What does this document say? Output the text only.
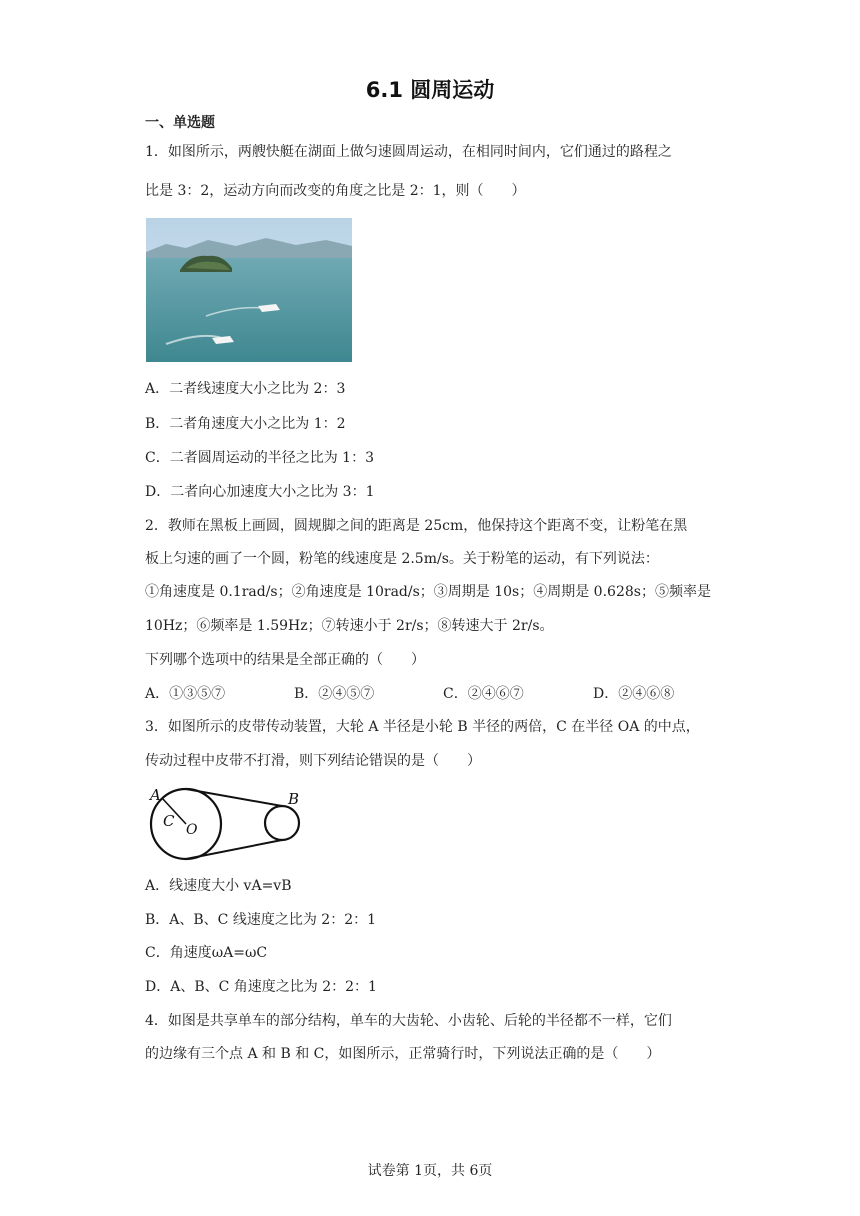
6.1 圆周运动
一、单选题
1．如图所示，两艘快艇在湖面上做匀速圆周运动，在相同时间内，它们通过的路程之
比是 3：2，运动方向而改变的角度之比是 2：1，则（　　）
A．二者线速度大小之比为 2：3
B．二者角速度大小之比为 1：2
C．二者圆周运动的半径之比为 1：3
D．二者向心加速度大小之比为 3：1
2．教师在黑板上画圆，圆规脚之间的距离是 25cm，他保持这个距离不变，让粉笔在黑
板上匀速的画了一个圆，粉笔的线速度是 2.5m/s。关于粉笔的运动，有下列说法：
①角速度是 0.1rad/s；②角速度是 10rad/s；③周期是 10s；④周期是 0.628s；⑤频率是
10Hz；⑥频率是 1.59Hz；⑦转速小于 2r/s；⑧转速大于 2r/s。
下列哪个选项中的结果是全部正确的（　　）
A．①③⑤⑦	B．②④⑤⑦	C．②④⑥⑦	D．②④⑥⑧
3．如图所示的皮带传动装置，大轮 A 半径是小轮 B 半径的两倍，C 在半径 OA 的中点，
传动过程中皮带不打滑，则下列结论错误的是（　　）
A	B
C O
A．线速度大小 vA=vB
B．A、B、C 线速度之比为 2：2：1
C．角速度ωA=ωC
D．A、B、C 角速度之比为 2：2：1
4．如图是共享单车的部分结构，单车的大齿轮、小齿轮、后轮的半径都不一样，它们
的边缘有三个点 A 和 B 和 C，如图所示，正常骑行时，下列说法正确的是（　　）
试卷第 1页，共 6页
